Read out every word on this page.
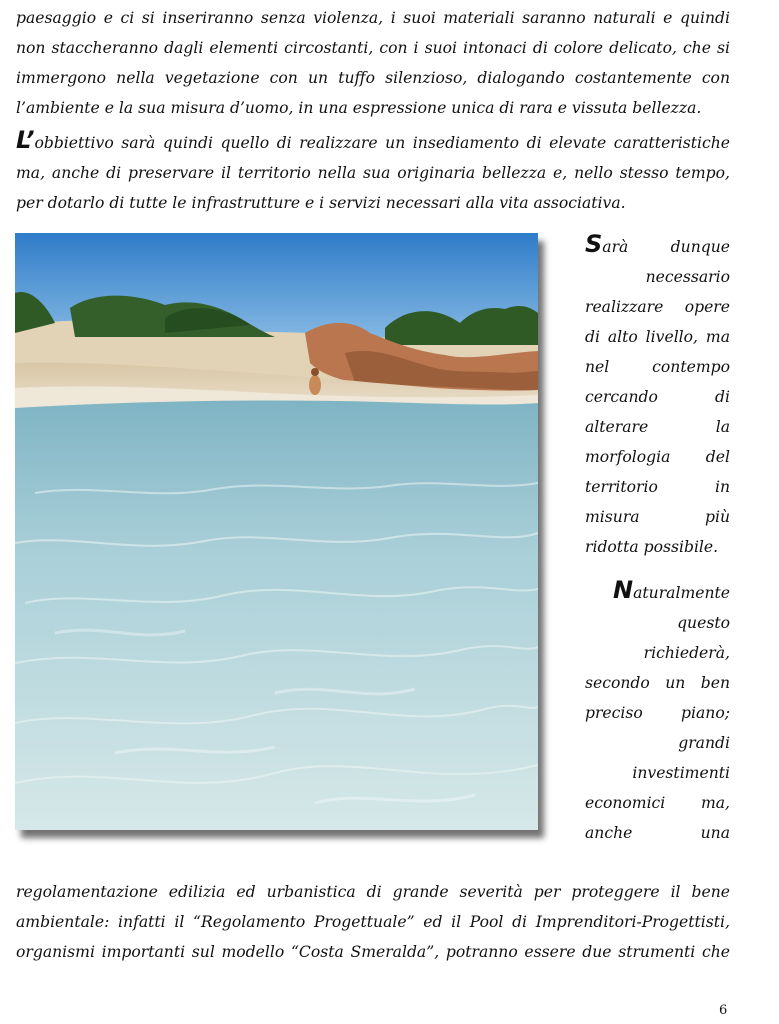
paesaggio e ci si inseriranno senza violenza, i suoi materiali saranno naturali e quindi
non staccheranno dagli elementi circostanti, con i suoi intonaci di colore delicato, che si
immergono nella vegetazione con un tuffo silenzioso, dialogando costantemente con
l’ambiente e la sua misura d’uomo, in una espressione unica di rara e vissuta bellezza.

L’obbiettivo sarà quindi quello di realizzare un insediamento di elevate caratteristiche
ma, anche di preservare il territorio nella sua originaria bellezza e, nello stesso tempo,
per dotarlo di tutte le infrastrutture e i servizi necessari alla vita associativa.

Sarà	dunque
necessario
realizzare opere
di alto livello, ma
nel contempo
cercando di
alterare la
morfologia del
territorio in
misura più
ridotta possibile.
Naturalmente
questo
richiederà,
secondo un ben
preciso piano;
grandi
investimenti
economici ma,
anche una

regolamentazione edilizia ed urbanistica di grande severità per proteggere il bene
ambientale: infatti il “Regolamento Progettuale” ed il Pool di Imprenditori-Progettisti,
organismi importanti sul modello “Costa Smeralda”, potranno essere due strumenti che

6
